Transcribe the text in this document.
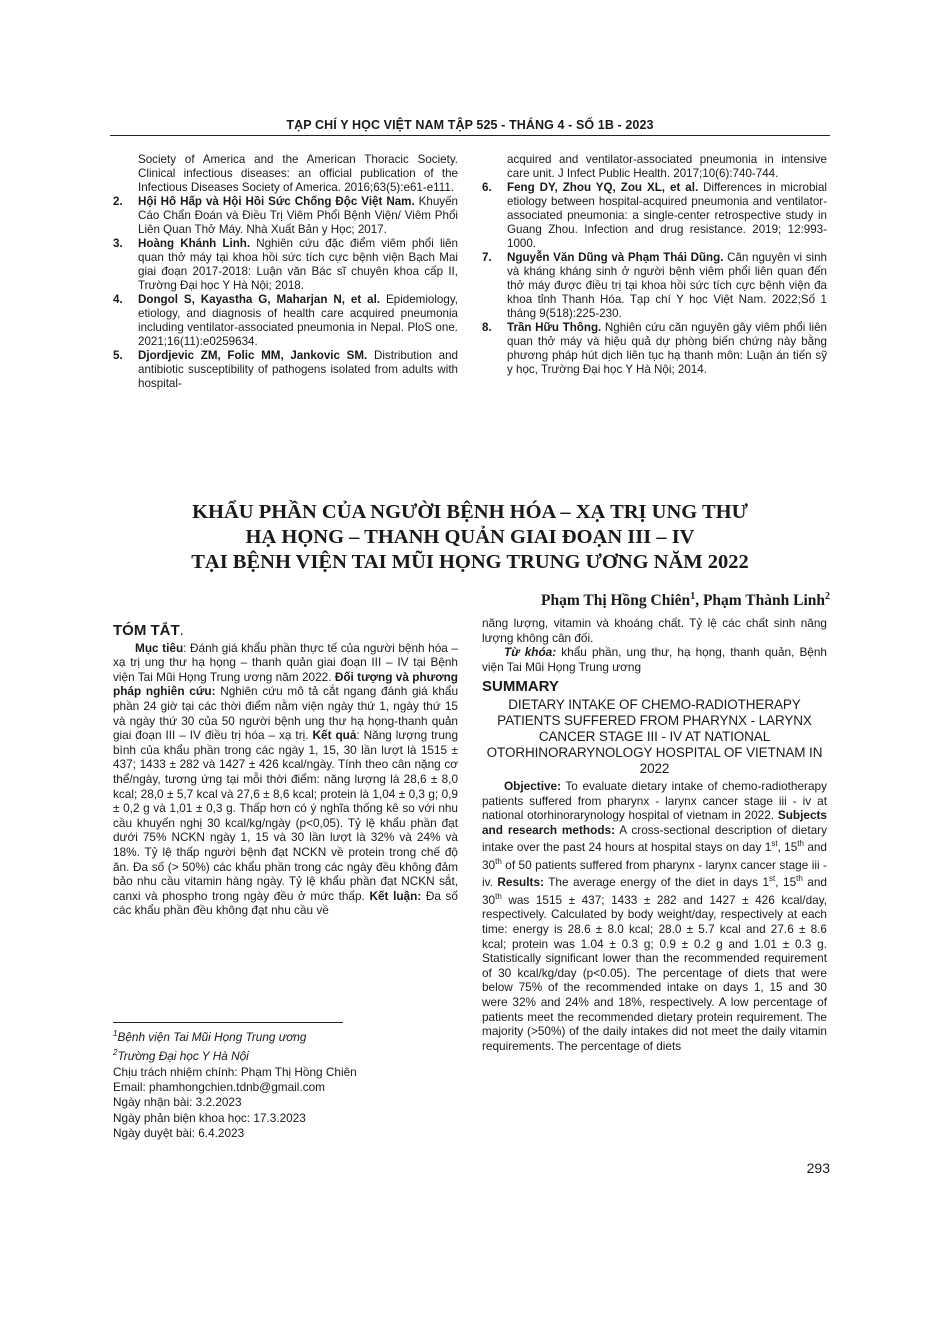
TẠP CHÍ Y HỌC VIỆT NAM TẬP 525 - THÁNG 4 - SỐ 1B - 2023
Society of America and the American Thoracic Society. Clinical infectious diseases: an official publication of the Infectious Diseases Society of America. 2016;63(5):e61-e111.
2. Hội Hô Hấp và Hội Hồi Sức Chống Độc Việt Nam. Khuyến Cáo Chẩn Đoán và Điều Trị Viêm Phổi Bệnh Viện/ Viêm Phổi Liên Quan Thở Máy. Nhà Xuất Bản y Học; 2017.
3. Hoàng Khánh Linh. Nghiên cứu đặc điểm viêm phổi liên quan thở máy tại khoa hồi sức tích cực bệnh viện Bạch Mai giai đoạn 2017-2018: Luận văn Bác sĩ chuyên khoa cấp II, Trường Đại học Y Hà Nội; 2018.
4. Dongol S, Kayastha G, Maharjan N, et al. Epidemiology, etiology, and diagnosis of health care acquired pneumonia including ventilator-associated pneumonia in Nepal. PloS one. 2021;16(11):e0259634.
5. Djordjevic ZM, Folic MM, Jankovic SM. Distribution and antibiotic susceptibility of pathogens isolated from adults with hospital-
acquired and ventilator-associated pneumonia in intensive care unit. J Infect Public Health. 2017;10(6):740-744.
6. Feng DY, Zhou YQ, Zou XL, et al. Differences in microbial etiology between hospital-acquired pneumonia and ventilator-associated pneumonia: a single-center retrospective study in Guang Zhou. Infection and drug resistance. 2019; 12:993-1000.
7. Nguyễn Văn Dũng và Phạm Thái Dũng. Căn nguyên vi sinh và kháng kháng sinh ở người bệnh viêm phổi liên quan đến thở máy được điều trị tại khoa hồi sức tích cực bệnh viện đa khoa tỉnh Thanh Hóa. Tạp chí Y học Việt Nam. 2022;Số 1 tháng 9(518):225-230.
8. Trần Hữu Thông. Nghiên cứu căn nguyên gây viêm phổi liên quan thở máy và hiệu quả dự phòng biến chứng này bằng phương pháp hút dịch liên tục hạ thanh môn: Luận án tiến sỹ y học, Trường Đại học Y Hà Nội; 2014.
KHẨU PHẦN CỦA NGƯỜI BỆNH HÓA – XẠ TRỊ UNG THƯ
HẠ HỌNG – THANH QUẢN GIAI ĐOẠN III – IV
TẠI BỆNH VIỆN TAI MŨI HỌNG TRUNG ƯƠNG NĂM 2022
Phạm Thị Hồng Chiên$^1$, Phạm Thành Linh$^2$
TÓM TẮT.

Mục tiêu: Đánh giá khẩu phần thực tế của người bệnh hóa – xạ trị ung thư hạ họng – thanh quản giai đoạn III – IV tại Bệnh viện Tai Mũi Họng Trung ương năm 2022. Đối tượng và phương pháp nghiên cứu: Nghiên cứu mô tả cắt ngang đánh giá khẩu phần 24 giờ tại các thời điểm nằm viện ngày thứ 1, ngày thứ 15 và ngày thứ 30 của 50 người bệnh ung thư hạ họng-thanh quản giai đoạn III – IV điều trị hóa – xạ trị. Kết quả: Năng lượng trung bình của khẩu phần trong các ngày 1, 15, 30 lần lượt là 1515 ± 437; 1433 ± 282 và 1427 ± 426 kcal/ngày. Tính theo cân nặng cơ thể/ngày, tương ứng tại mỗi thời điểm: năng lượng là 28,6 ± 8,0 kcal; 28,0 ± 5,7 kcal và 27,6 ± 8,6 kcal; protein là 1,04 ± 0,3 g; 0,9 ± 0,2 g và 1,01 ± 0,3 g. Thấp hơn có ý nghĩa thống kê so với nhu cầu khuyến nghị 30 kcal/kg/ngày (p<0,05). Tỷ lệ khẩu phần đạt dưới 75% NCKN ngày 1, 15 và 30 lần lượt là 32% và 24% và 18%. Tỷ lệ thấp người bệnh đạt NCKN về protein trong chế độ ăn. Đa số (> 50%) các khẩu phần trong các ngày đều không đảm bảo nhu cầu vitamin hàng ngày. Tỷ lệ khẩu phần đạt NCKN sắt, canxi và phospho trong ngày đều ở mức thấp. Kết luận: Đa số các khẩu phần đều không đạt nhu cầu về

$^1$Bệnh viện Tai Mũi Họng Trung ương
$^2$Trường Đại học Y Hà Nội
Chịu trách nhiệm chính: Phạm Thị Hồng Chiên
Email: phamhongchien.tdnb@gmail.com
Ngày nhận bài: 3.2.2023
Ngày phản biện khoa học: 17.3.2023
Ngày duyệt bài: 6.4.2023

năng lượng, vitamin và khoáng chất. Tỷ lệ các chất sinh năng lượng không cân đối.

Từ khóa: khẩu phần, ung thư, hạ họng, thanh quản, Bệnh viện Tai Mũi Họng Trung ương

SUMMARY
DIETARY INTAKE OF CHEMO-RADIOTHERAPY PATIENTS SUFFERED FROM PHARYNX - LARYNX CANCER STAGE III - IV AT NATIONAL OTORHINORARYNOLOGY HOSPITAL OF VIETNAM IN 2022

Objective: To evaluate dietary intake of chemo-radiotherapy patients suffered from pharynx - larynx cancer stage iii - iv at national otorhinorarynology hospital of vietnam in 2022. Subjects and research methods: A cross-sectional description of dietary intake over the past 24 hours at hospital stays on day 1st, 15th and 30th of 50 patients suffered from pharynx - larynx cancer stage iii - iv. Results: The average energy of the diet in days 1st, 15th and 30th was 1515 ± 437; 1433 ± 282 and 1427 ± 426 kcal/day, respectively. Calculated by body weight/day, respectively at each time: energy is 28.6 ± 8.0 kcal; 28.0 ± 5.7 kcal and 27.6 ± 8.6 kcal; protein was 1.04 ± 0.3 g; 0.9 ± 0.2 g and 1.01 ± 0.3 g. Statistically significant lower than the recommended requirement of 30 kcal/kg/day (p<0.05). The percentage of diets that were below 75% of the recommended intake on days 1, 15 and 30 were 32% and 24% and 18%, respectively. A low percentage of patients meet the recommended dietary protein requirement. The majority (>50%) of the daily intakes did not meet the daily vitamin requirements. The percentage of diets

293
